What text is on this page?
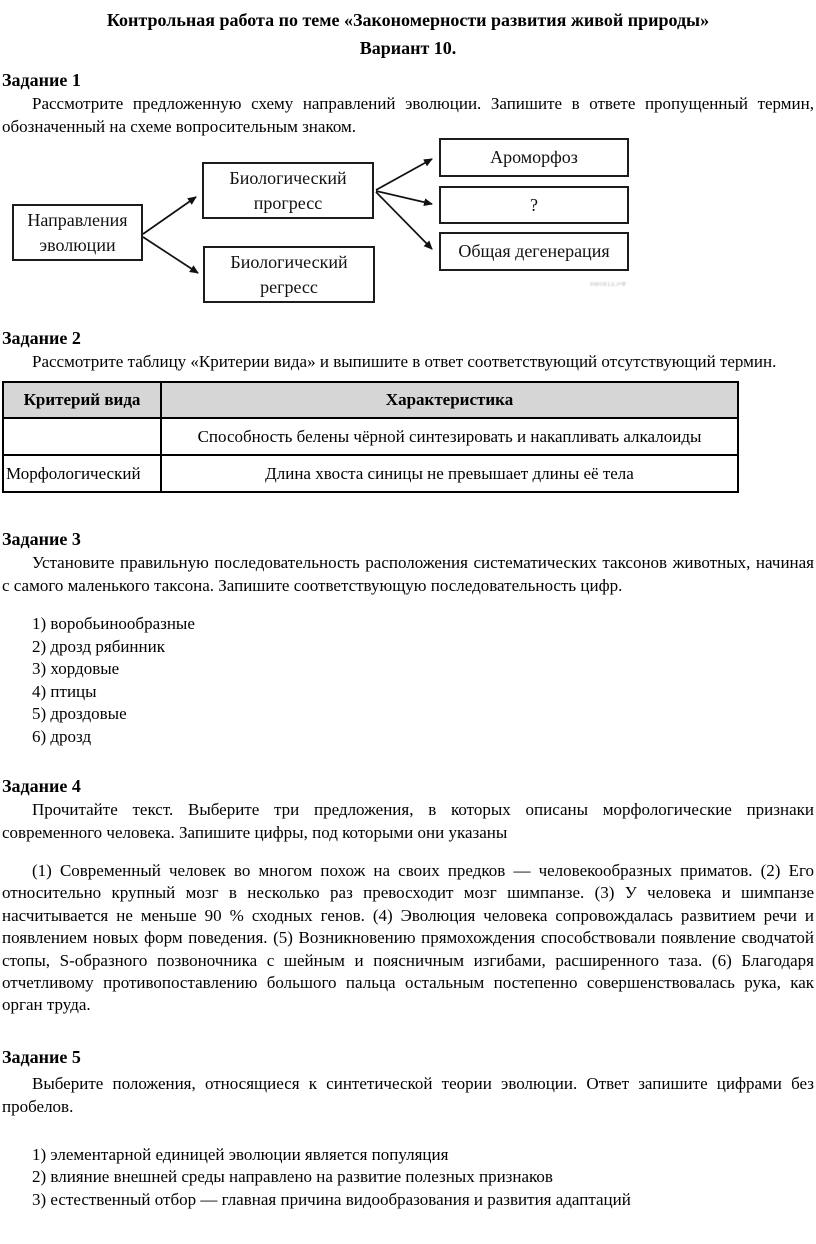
Контрольная работа по теме «Закономерности развития живой природы»
Вариант 10.
Задание 1

Рассмотрите предложенную схему направлений эволюции. Запишите в ответе пропущенный термин, обозначенный на схеме вопросительным знаком.

Направления эволюции
Биологический прогресс
Биологический регресс
Ароморфоз
?
Общая дегенерация
НВ0913.РФ
Задание 2

Рассмотрите таблицу «Критерии вида» и выпишите в ответ соответствующий отсутствующий термин.

Критерий вида	Характеристика
	Способность белены чёрной синтезировать и накапливать алкалоиды
Морфологический	Длина хвоста синицы не превышает длины её тела
Задание 3

Установите правильную последовательность расположения систематических таксонов животных, начиная с самого маленького таксона. Запишите соответствующую последовательность цифр.

1) воробьинообразные
2) дрозд рябинник
3) хордовые
4) птицы
5) дроздовые
6) дрозд
Задание 4

Прочитайте текст. Выберите три предложения, в которых описаны морфологические признаки современного человека. Запишите цифры, под которыми они указаны

(1) Современный человек во многом похож на своих предков — человекообразных приматов. (2) Его относительно крупный мозг в несколько раз превосходит мозг шимпанзе. (3) У человека и шимпанзе насчитывается не меньше 90 % сходных генов. (4) Эволюция человека сопровождалась развитием речи и появлением новых форм поведения. (5) Возникновению прямохождения способствовали появление сводчатой стопы, S-образного позвоночника с шейным и поясничным изгибами, расширенного таза. (6) Благодаря отчетливому противопоставлению большого пальца остальным постепенно совершенствовалась рука, как орган труда.

Задание 5

Выберите положения, относящиеся к синтетической теории эволюции. Ответ запишите цифрами без пробелов.

1) элементарной единицей эволюции является популяция
2) влияние внешней среды направлено на развитие полезных признаков
3) естественный отбор — главная причина видообразования и развития адаптаций
